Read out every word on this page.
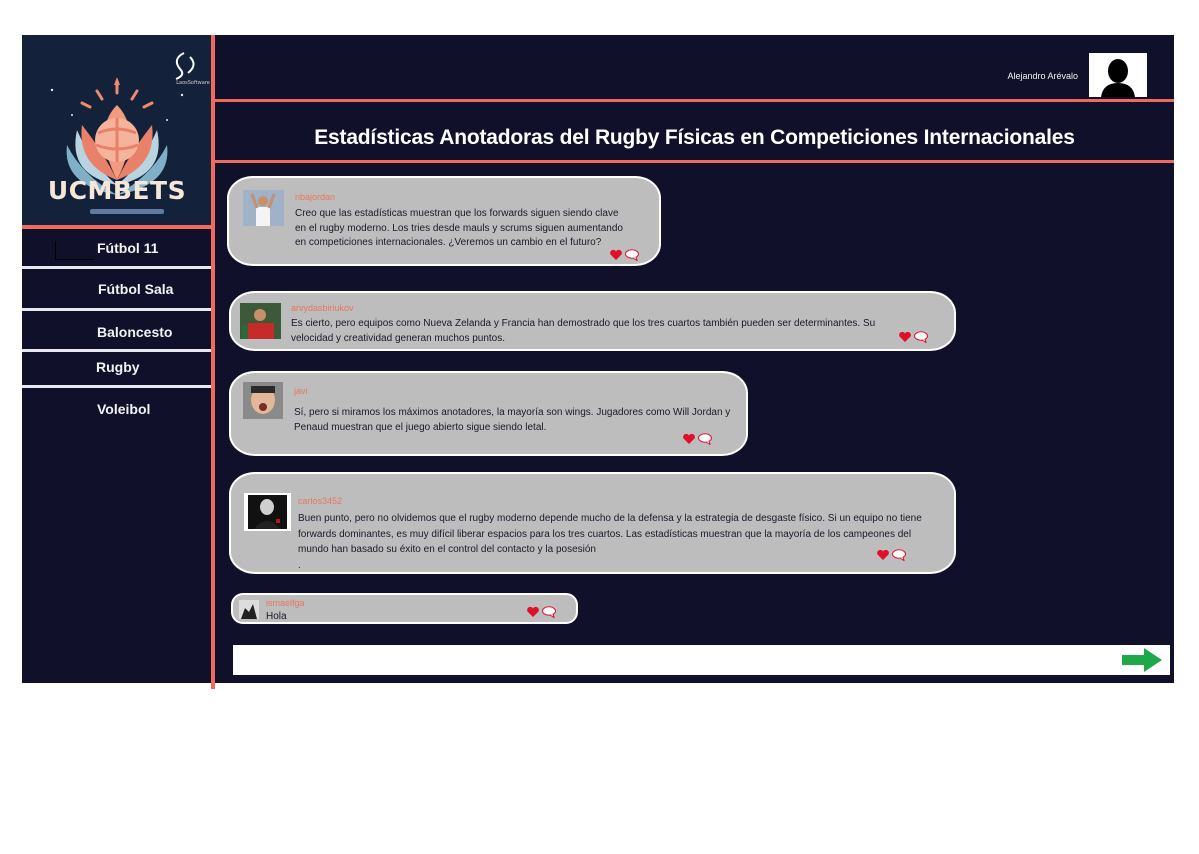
LaosSoftware
UCMBETS
Fútbol 11
Fútbol Sala
Baloncesto
Rugby
Voleibol
Alejandro Arévalo
Estadísticas Anotadoras del Rugby Físicas en Competiciones Internacionales
nbajordan
Creo que las estadísticas muestran que los forwards siguen siendo clave en el rugby moderno. Los tries desde mauls y scrums siguen aumentando en competiciones internacionales. ¿Veremos un cambio en el futuro?
arvydasbiriukov
Es cierto, pero equipos como Nueva Zelanda y Francia han demostrado que los tres cuartos también pueden ser determinantes. Su velocidad y creatividad generan muchos puntos.
javi
Sí, pero si miramos los máximos anotadores, la mayoría son wings. Jugadores como Will Jordan y Penaud muestran que el juego abierto sigue siendo letal.
carlos3452
Buen punto, pero no olvidemos que el rugby moderno depende mucho de la defensa y la estrategia de desgaste físico. Si un equipo no tiene forwards dominantes, es muy difícil liberar espacios para los tres cuartos. Las estadísticas muestran que la mayoría de los campeones del mundo han basado su éxito en el control del contacto y la posesión
.
ismaelfga
Hola
